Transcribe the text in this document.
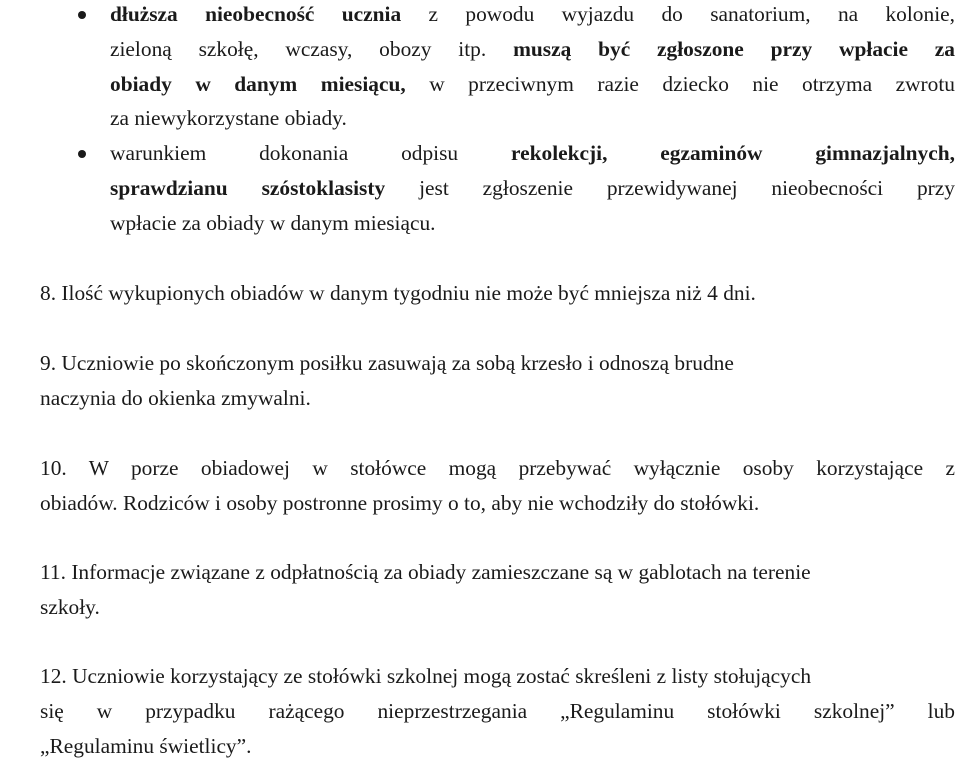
dłuższa nieobecność ucznia z powodu wyjazdu do sanatorium, na kolonie,
zieloną szkołę, wczasy, obozy itp. muszą być zgłoszone przy wpłacie za
obiady w danym miesiącu, w przeciwnym razie dziecko nie otrzyma zwrotu
za niewykorzystane obiady.
warunkiem dokonania odpisu rekolekcji, egzaminów gimnazjalnych,
sprawdzianu szóstoklasisty jest zgłoszenie przewidywanej nieobecności przy
wpłacie za obiady w danym miesiącu.
8. Ilość wykupionych obiadów w danym tygodniu nie może być mniejsza niż 4 dni.
9. Uczniowie po skończonym posiłku zasuwają za sobą krzesło i odnoszą brudne
naczynia do okienka zmywalni.
10. W porze obiadowej w stołówce mogą przebywać wyłącznie osoby korzystające z
obiadów. Rodziców i osoby postronne prosimy o to, aby nie wchodziły do stołówki.
11. Informacje związane z odpłatnością za obiady zamieszczane są w gablotach na terenie
szkoły.
12. Uczniowie korzystający ze stołówki szkolnej mogą zostać skreśleni z listy stołujących
się w przypadku rażącego nieprzestrzegania „Regulaminu stołówki szkolnej” lub
„Regulaminu świetlicy”.
